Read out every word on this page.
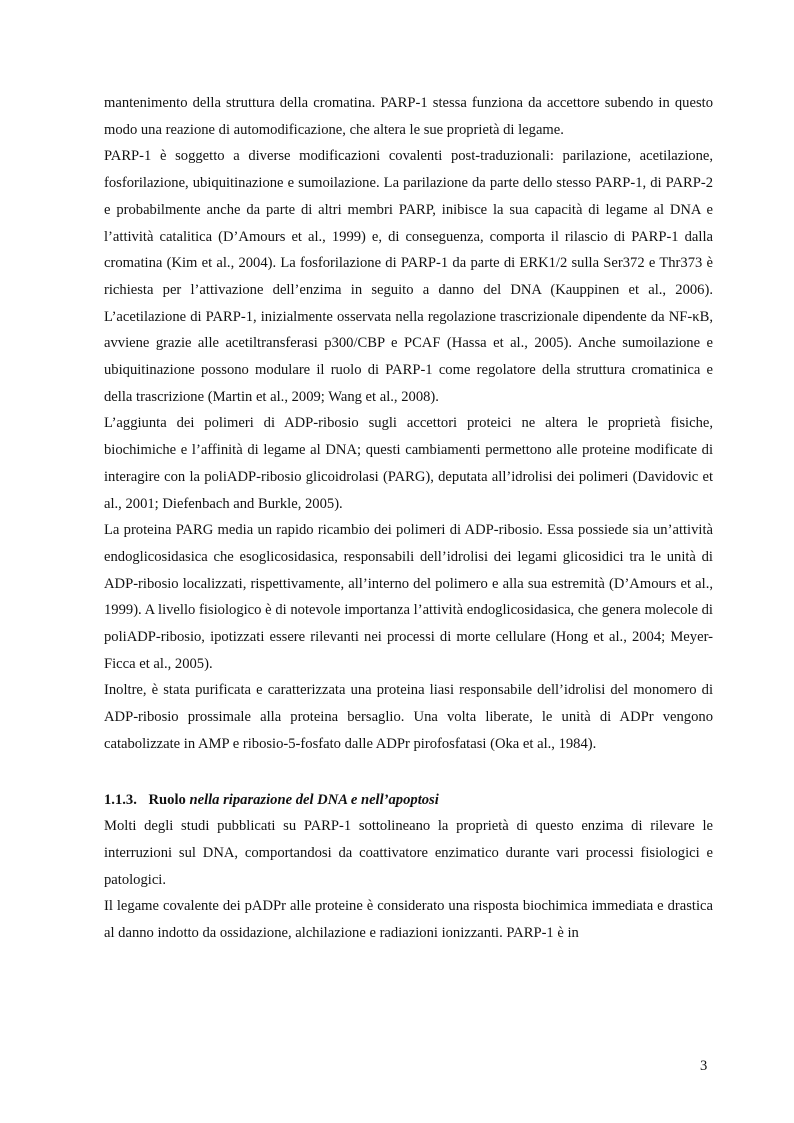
mantenimento della struttura della cromatina. PARP-1 stessa funziona da accettore subendo in questo modo una reazione di automodificazione, che altera le sue proprietà di legame.

PARP-1 è soggetto a diverse modificazioni covalenti post-traduzionali: parilazione, acetilazione, fosforilazione, ubiquitinazione e sumoilazione. La parilazione da parte dello stesso PARP-1, di PARP-2 e probabilmente anche da parte di altri membri PARP, inibisce la sua capacità di legame al DNA e l’attività catalitica (D’Amours et al., 1999) e, di conseguenza, comporta il rilascio di PARP-1 dalla cromatina (Kim et al., 2004). La fosforilazione di PARP-1 da parte di ERK1/2 sulla Ser372 e Thr373 è richiesta per l’attivazione dell’enzima in seguito a danno del DNA (Kauppinen et al., 2006). L’acetilazione di PARP-1, inizialmente osservata nella regolazione trascrizionale dipendente da NF-κB, avviene grazie alle acetiltransferasi p300/CBP e PCAF (Hassa et al., 2005). Anche sumoilazione e ubiquitinazione possono modulare il ruolo di PARP-1 come regolatore della struttura cromatinica e della trascrizione (Martin et al., 2009; Wang et al., 2008).

L’aggiunta dei polimeri di ADP-ribosio sugli accettori proteici ne altera le proprietà fisiche, biochimiche e l’affinità di legame al DNA; questi cambiamenti permettono alle proteine modificate di interagire con la poliADP-ribosio glicoidrolasi (PARG), deputata all’idrolisi dei polimeri (Davidovic et al., 2001; Diefenbach and Burkle, 2005).

La proteina PARG media un rapido ricambio dei polimeri di ADP-ribosio. Essa possiede sia un’attività endoglicosidasica che esoglicosidasica, responsabili dell’idrolisi dei legami glicosidici tra le unità di ADP-ribosio localizzati, rispettivamente, all’interno del polimero e alla sua estremità (D’Amours et al., 1999). A livello fisiologico è di notevole importanza l’attività endoglicosidasica, che genera molecole di poliADP-ribosio, ipotizzati essere rilevanti nei processi di morte cellulare (Hong et al., 2004; Meyer-Ficca et al., 2005).

Inoltre, è stata purificata e caratterizzata una proteina liasi responsabile dell’idrolisi del monomero di ADP-ribosio prossimale alla proteina bersaglio. Una volta liberate, le unità di ADPr vengono catabolizzate in AMP e ribosio-5-fosfato dalle ADPr pirofosfatasi (Oka et al., 1984).

1.1.3. Ruolo nella riparazione del DNA e nell’apoptosi

Molti degli studi pubblicati su PARP-1 sottolineano la proprietà di questo enzima di rilevare le interruzioni sul DNA, comportandosi da coattivatore enzimatico durante vari processi fisiologici e patologici.

Il legame covalente dei pADPr alle proteine è considerato una risposta biochimica immediata e drastica al danno indotto da ossidazione, alchilazione e radiazioni ionizzanti. PARP-1 è in

3
